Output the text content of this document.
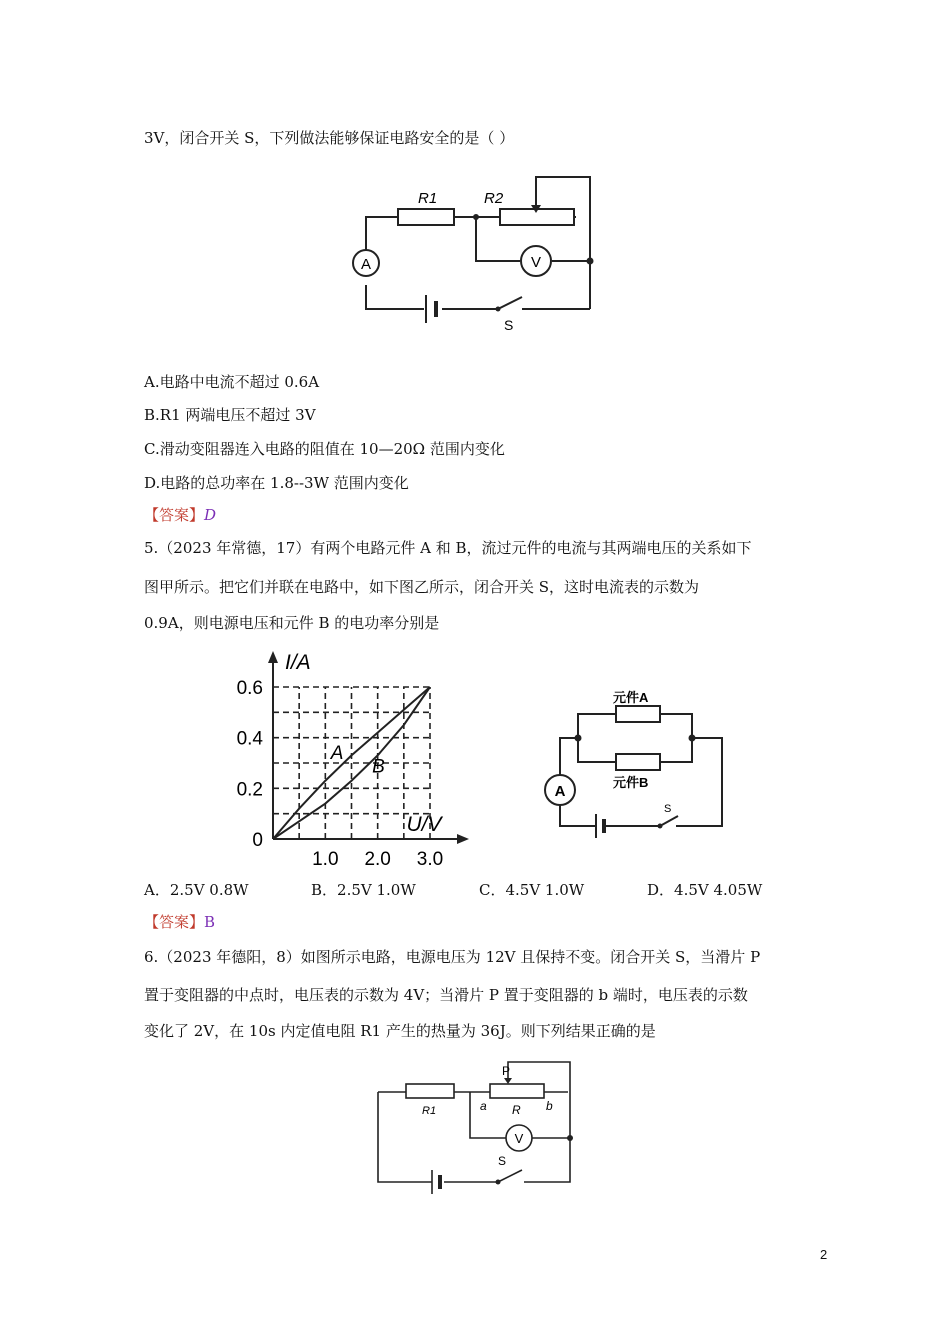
3V，闭合开关 S，下列做法能够保证电路安全的是（ ）
A	V
S
R1	R2
A.电路中电流不超过 0.6A
B.R1 两端电压不超过 3V
C.滑动变阻器连入电路的阻值在 10—20Ω 范围内变化
D.电路的总功率在 1.8--3W 范围内变化
【答案】D
5.（2023 年常德，17）有两个电路元件 A 和 B，流过元件的电流与其两端电压的关系如下
图甲所示。把它们并联在电路中，如下图乙所示，闭合开关 S，这时电流表的示数为
0.9A，则电源电压和元件 B 的电功率分别是
0
0.2
0.4
0.6
1.0 2.0 3.0
I/A
U/V
A
B
A
S
元件A
元件B
A．2.5V 0.8W	B．2.5V 1.0W	C．4.5V 1.0W	D．4.5V 4.05W
【答案】B
6.（2023 年德阳，8）如图所示电路，电源电压为 12V 且保持不变。闭合开关 S，当滑片 P
置于变阻器的中点时，电压表的示数为 4V；当滑片 P 置于变阻器的 b 端时，电压表的示数
变化了 2V，在 10s 内定值电阻 R1 产生的热量为 36J。则下列结果正确的是
V
S
R1
P
a R b
2
